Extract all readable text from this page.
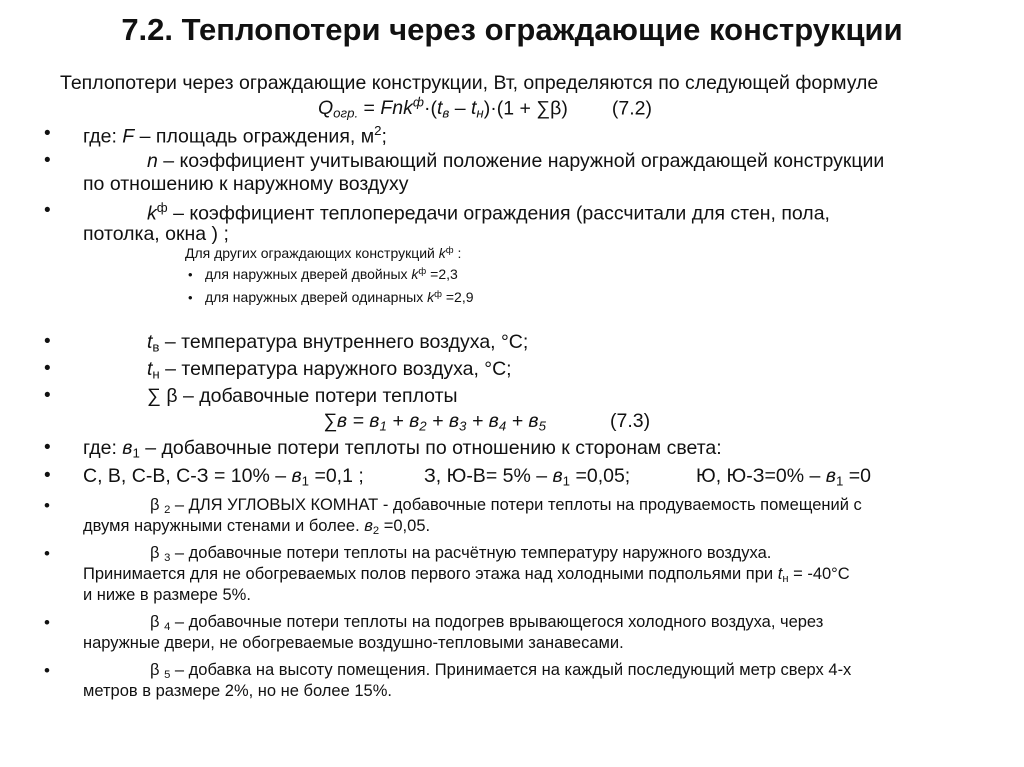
7.2. Теплопотери через ограждающие конструкции
Теплопотери через ограждающие конструкции, Вт, определяются по следующей формуле
$Q_{огр.} = Fnk^ф\cdot(t_в - t_н)\cdot(1 + \sum\beta)$ (7.2)
• где: F – площадь ограждения, $м^2$;
•	n – коэффициент учитывающий положение наружной ограждающей конструкции
по отношению к наружному воздуху
•	$k^ф$ – коэффициент теплопередачи ограждения (рассчитали для стен, пола,
потолка, окна ) ;
Для других ограждающих конструкций $k^ф$ :
• для наружных дверей двойных $k^ф =2,3$
• для наружных дверей одинарных $k^ф =2,9$
•	$t_в$ – температура внутреннего воздуха, °С;
•	$t_н$ – температура наружного воздуха, °С;
•	∑ β – добавочные потери теплоты
$\sum в = в_1 + в_2 + в_3 + в_4 + в_5$	(7.3)
• где: $в_1$ – добавочные потери теплоты по отношению к сторонам света:
• С, В, С-В, $С-З = 10\% - в_1 =0,1$ ;	З, $Ю-В= 5\% - в_1 =0,05$;	Ю, $Ю-З=0\% - в_1 =0$
•	β $_2$ – ДЛЯ УГЛОВЫХ КОМНАТ - добавочные потери теплоты на продуваемость помещений с
двумя наружными стенами и более. $в_2 =0,05$.
•	β $_3$ – добавочные потери теплоты на расчётную температуру наружного воздуха.
Принимается для не обогреваемых полов первого этажа над холодными подпольями при $t_н = -40^\circ С$
и ниже в размере 5%.
•	β $_4$ – добавочные потери теплоты на подогрев врывающегося холодного воздуха, через
наружные двери, не обогреваемые воздушно-тепловыми занавесами.
•	β $_5$ – добавка на высоту помещения. Принимается на каждый последующий метр сверх 4-х
метров в размере 2%, но не более 15%.
